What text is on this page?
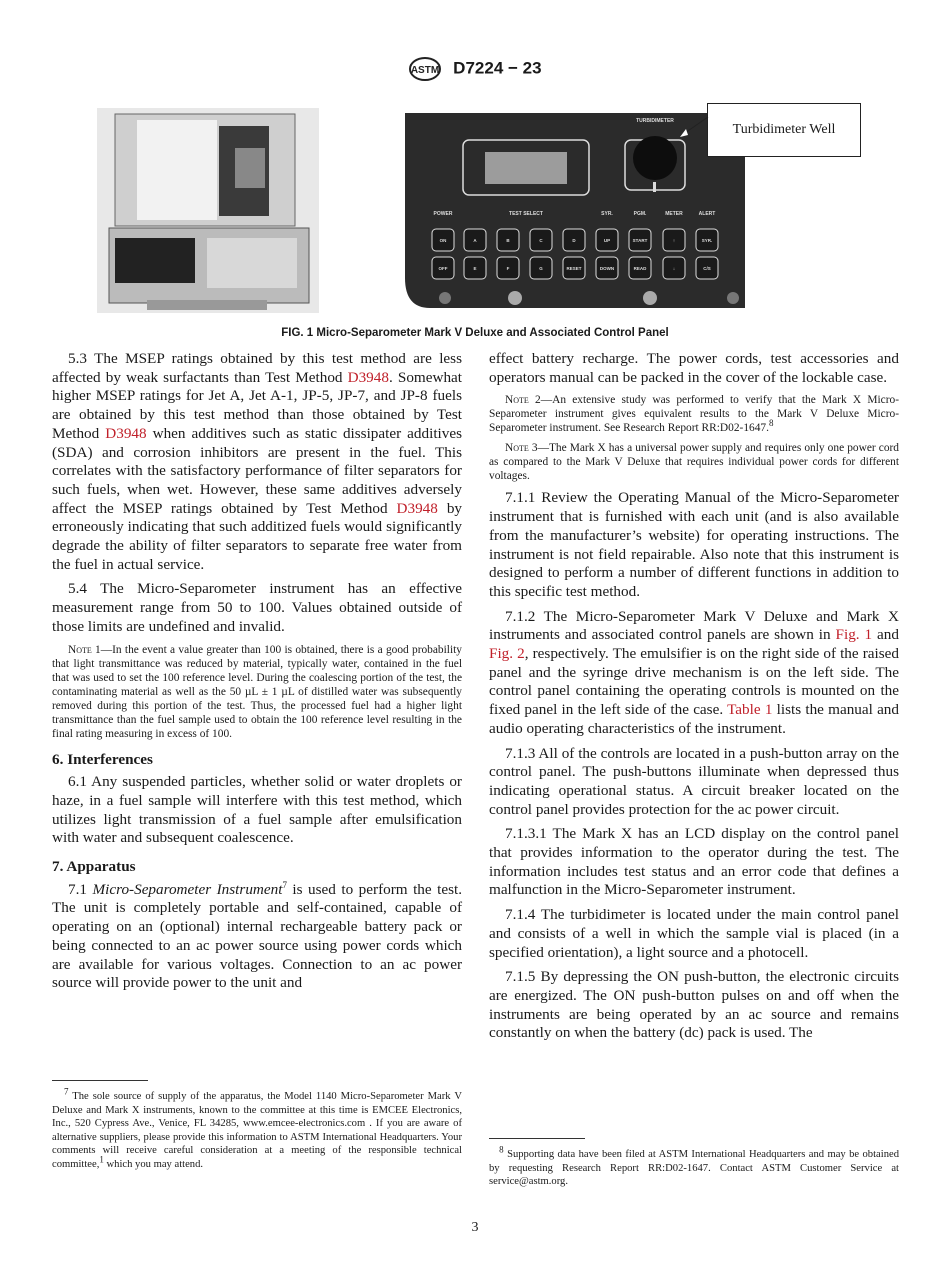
ASTM D7224 − 23
TURBIDIMETER
POWER	TEST SELECT	SYR.	PGM.	METER	ALERT
ON	A	B	C	D	UP	START	↑	SYR.
OFF	E	F	G	RESET	DOWN	READ	↓	C/S
Turbidimeter Well
FIG. 1 Micro-Separometer Mark V Deluxe and Associated Control Panel

5.3 The MSEP ratings obtained by this test method are less affected by weak surfactants than Test Method D3948. Somewhat higher MSEP ratings for Jet A, Jet A-1, JP-5, JP-7, and JP-8 fuels are obtained by this test method than those obtained by Test Method D3948 when additives such as static dissipater additives (SDA) and corrosion inhibitors are present in the fuel. This correlates with the satisfactory performance of filter separators for such fuels, when wet. However, these same additives adversely affect the MSEP ratings obtained by Test Method D3948 by erroneously indicating that such additized fuels would significantly degrade the ability of filter separators to separate free water from the fuel in actual service.

5.4 The Micro-Separometer instrument has an effective measurement range from 50 to 100. Values obtained outside of those limits are undefined and invalid.

Note 1—In the event a value greater than 100 is obtained, there is a good probability that light transmittance was reduced by material, typically water, contained in the fuel that was used to set the 100 reference level. During the coalescing portion of the test, the contaminating material as well as the 50 µL ± 1 µL of distilled water was subsequently removed during this portion of the test. Thus, the processed fuel had a higher light transmittance than the fuel sample used to obtain the 100 reference level resulting in the final rating measuring in excess of 100.

6. Interferences

6.1 Any suspended particles, whether solid or water droplets or haze, in a fuel sample will interfere with this test method, which utilizes light transmission of a fuel sample after emulsification with water and subsequent coalescence.

7. Apparatus

7.1 Micro-Separometer Instrument$^7$ is used to perform the test. The unit is completely portable and self-contained, capable of operating on an (optional) internal rechargeable battery pack or being connected to an ac power source using power cords which are available for various voltages. Connection to an ac power source will provide power to the unit and

$^7$ The sole source of supply of the apparatus, the Model 1140 Micro-Separometer Mark V Deluxe and Mark X instruments, known to the committee at this time is EMCEE Electronics, Inc., 520 Cypress Ave., Venice, FL 34285, www.emcee-electronics.com . If you are aware of alternative suppliers, please provide this information to ASTM International Headquarters. Your comments will receive careful consideration at a meeting of the responsible technical committee,$^1$ which you may attend.

effect battery recharge. The power cords, test accessories and operators manual can be packed in the cover of the lockable case.

Note 2—An extensive study was performed to verify that the Mark X Micro-Separometer instrument gives equivalent results to the Mark V Deluxe Micro-Separometer instrument. See Research Report RR:D02-1647.$^8$

Note 3—The Mark X has a universal power supply and requires only one power cord as compared to the Mark V Deluxe that requires individual power cords for different voltages.

7.1.1 Review the Operating Manual of the Micro-Separometer instrument that is furnished with each unit (and is also available from the manufacturer’s website) for operating instructions. The instrument is not field repairable. Also note that this instrument is designed to perform a number of different functions in addition to this specific test method.

7.1.2 The Micro-Separometer Mark V Deluxe and Mark X instruments and associated control panels are shown in Fig. 1 and Fig. 2, respectively. The emulsifier is on the right side of the raised panel and the syringe drive mechanism is on the left side. The control panel containing the operating controls is mounted on the fixed panel in the left side of the case. Table 1 lists the manual and audio operating characteristics of the instrument.

7.1.3 All of the controls are located in a push-button array on the control panel. The push-buttons illuminate when depressed thus indicating operational status. A circuit breaker located on the control panel provides protection for the ac power circuit.

7.1.3.1 The Mark X has an LCD display on the control panel that provides information to the operator during the test. The information includes test status and an error code that defines a malfunction in the Micro-Separometer instrument.

7.1.4 The turbidimeter is located under the main control panel and consists of a well in which the sample vial is placed (in a specified orientation), a light source and a photocell.

7.1.5 By depressing the ON push-button, the electronic circuits are energized. The ON push-button pulses on and off when the instruments are being operated by an ac source and remains constantly on when the battery (dc) pack is used. The

$^8$ Supporting data have been filed at ASTM International Headquarters and may be obtained by requesting Research Report RR:D02-1647. Contact ASTM Customer Service at service@astm.org.
3
